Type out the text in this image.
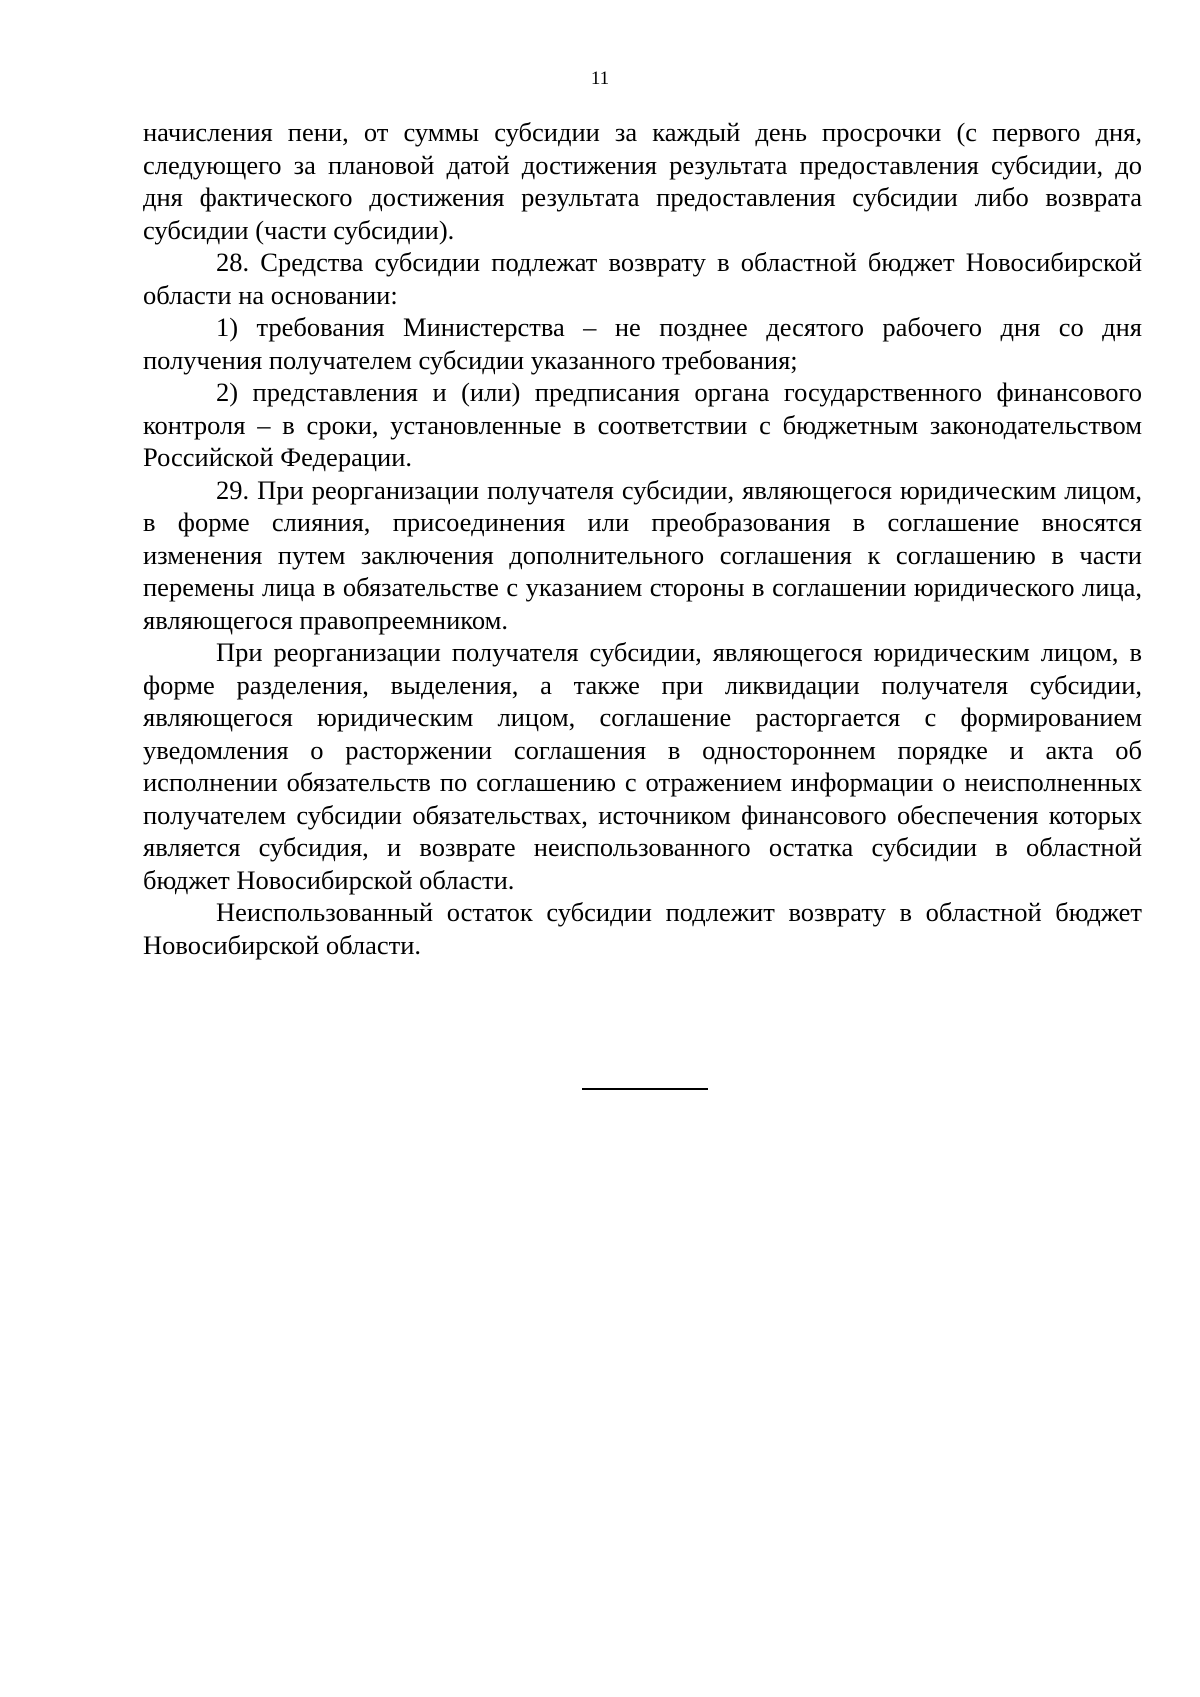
11

начисления пени, от суммы субсидии за каждый день просрочки (с первого дня, следующего за плановой датой достижения результата предоставления субсидии, до дня фактического достижения результата предоставления субсидии либо возврата субсидии (части субсидии).

28. Средства субсидии подлежат возврату в областной бюджет Новосибирской области на основании:

1) требования Министерства – не позднее десятого рабочего дня со дня получения получателем субсидии указанного требования;

2) представления и (или) предписания органа государственного финансового контроля – в сроки, установленные в соответствии с бюджетным законодательством Российской Федерации.

29. При реорганизации получателя субсидии, являющегося юридическим лицом, в форме слияния, присоединения или преобразования в соглашение вносятся изменения путем заключения дополнительного соглашения к соглашению в части перемены лица в обязательстве с указанием стороны в соглашении юридического лица, являющегося правопреемником.

При реорганизации получателя субсидии, являющегося юридическим лицом, в форме разделения, выделения, а также при ликвидации получателя субсидии, являющегося юридическим лицом, соглашение расторгается с формированием уведомления о расторжении соглашения в одностороннем порядке и акта об исполнении обязательств по соглашению с отражением информации о неисполненных получателем субсидии обязательствах, источником финансового обеспечения которых является субсидия, и возврате неиспользованного остатка субсидии в областной бюджет Новосибирской области.

Неиспользованный остаток субсидии подлежит возврату в областной бюджет Новосибирской области.
